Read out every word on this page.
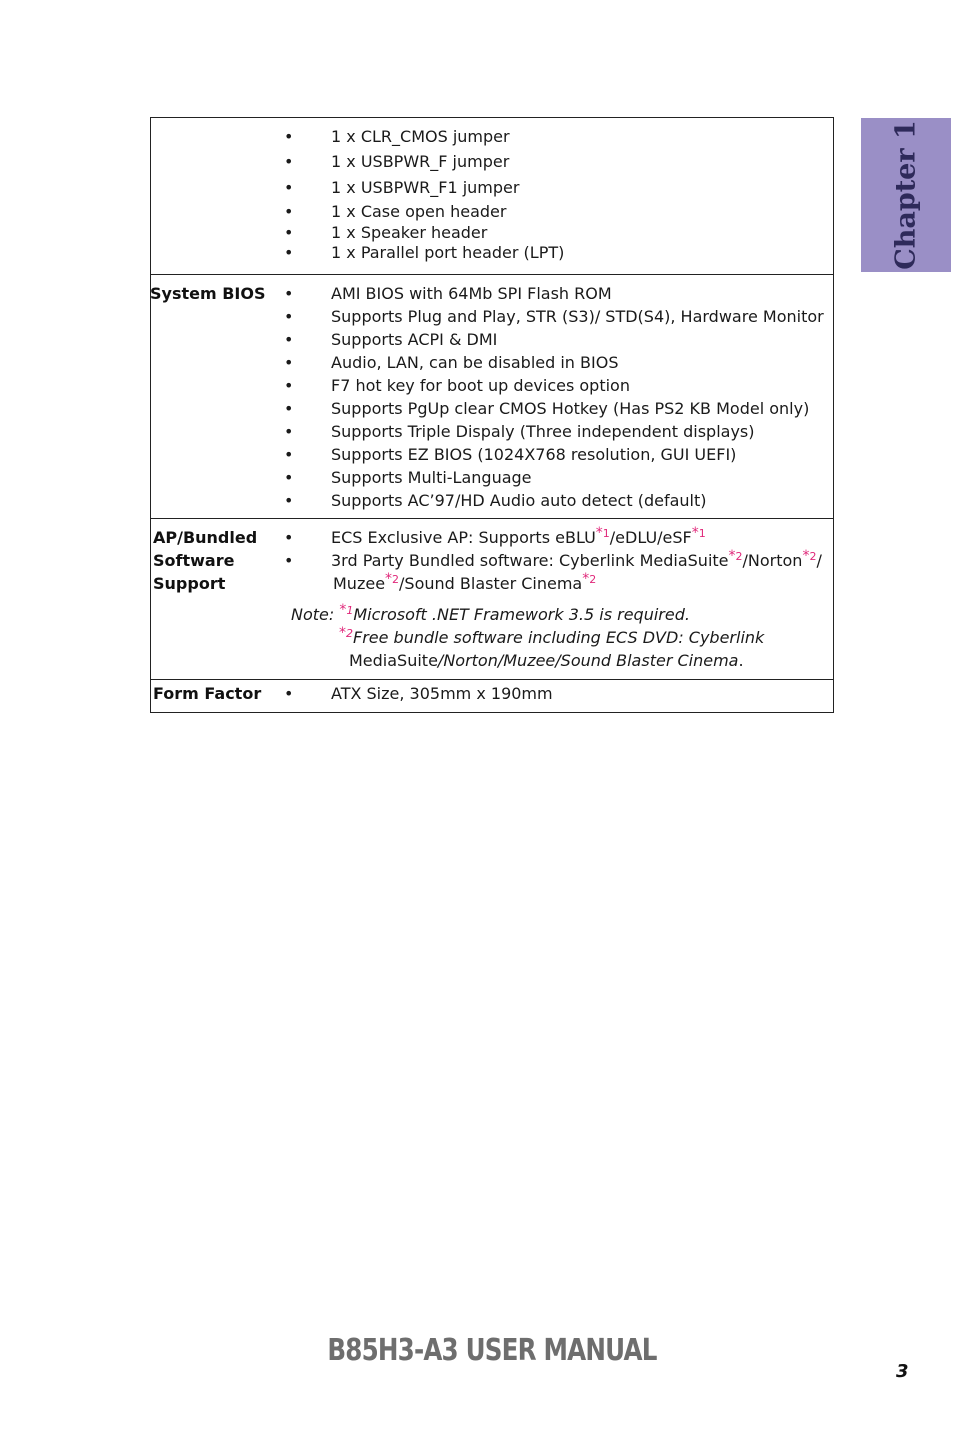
• 1 x CLR_CMOS jumper
• 1 x USBPWR_F jumper
• 1 x USBPWR_F1 jumper
• 1 x Case open header
• 1 x Speaker header
• 1 x Parallel port header (LPT)
System BIOS • AMI BIOS with 64Mb SPI Flash ROM
• Supports Plug and Play, STR (S3)/ STD(S4), Hardware Monitor
• Supports ACPI & DMI
• Audio, LAN, can be disabled in BIOS
• F7 hot key for boot up devices option
• Supports PgUp clear CMOS Hotkey (Has PS2 KB Model only)
• Supports Triple Dispaly (Three independent displays)
• Supports EZ BIOS (1024X768 resolution, GUI UEFI)
• Supports Multi-Language
• Supports AC’97/HD Audio auto detect (default)
AP/Bundled
Software
Support
• ECS Exclusive AP: Supports eBLU$^{*1}$/eDLU/eSF$^{*1}$
• 3rd Party Bundled software: Cyberlink MediaSuite$^{*2}$/Norton$^{*2}$/
Muzee$^{*2}$/Sound Blaster Cinema$^{*2}$
Note: $^{*1}$Microsoft .NET Framework 3.5 is required.
$^{*2}$Free bundle software including ECS DVD: Cyberlink
MediaSuite/Norton/Muzee/Sound Blaster Cinema.
Form Factor • ATX Size, 305mm x 190mm
Chapter 1
B85H3-A3 USER MANUAL
3
